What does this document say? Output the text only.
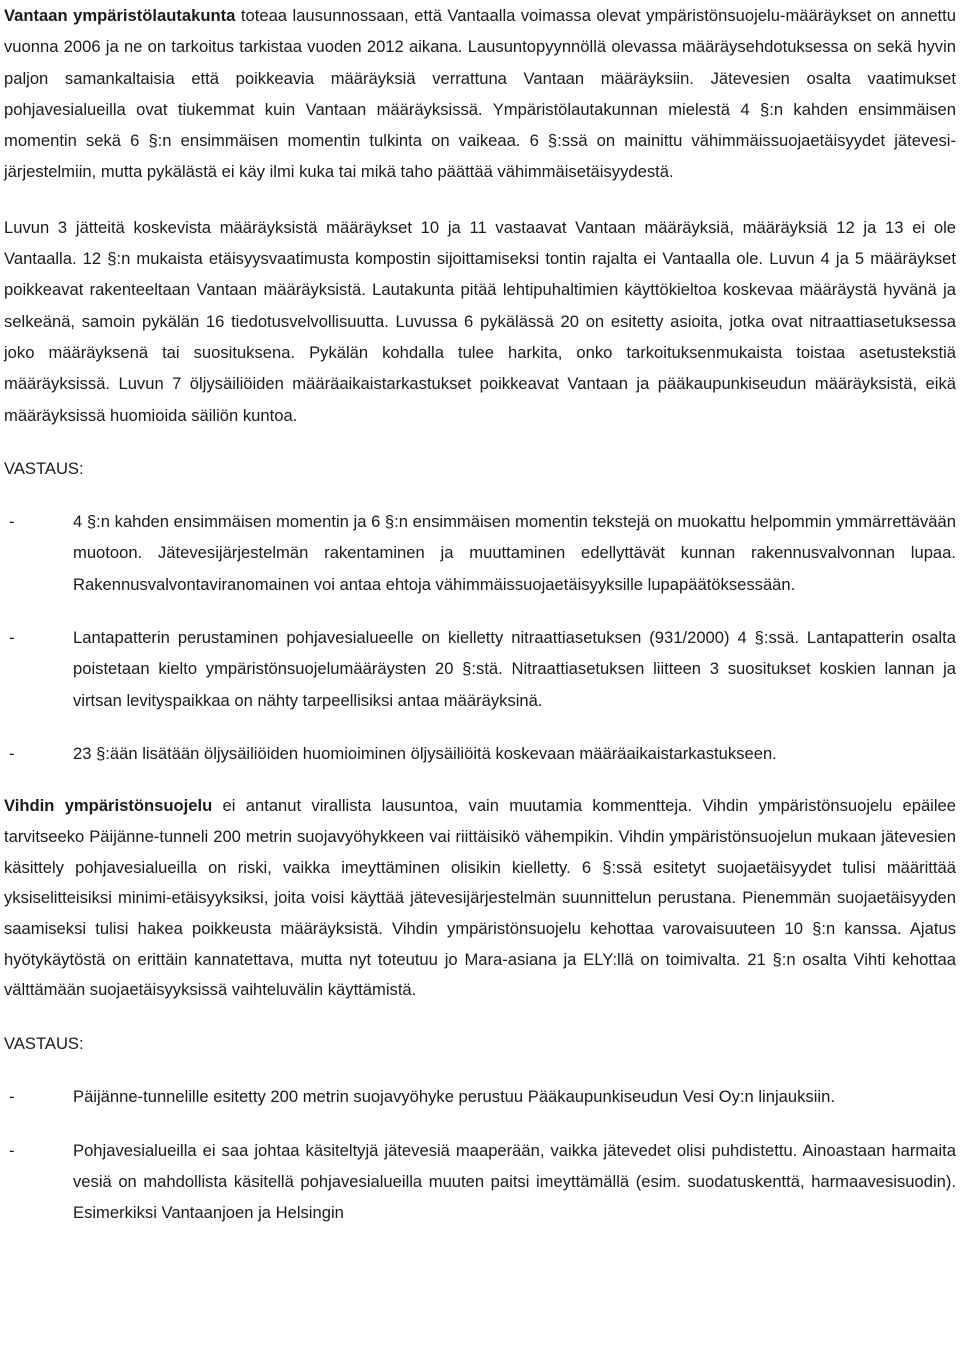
Vantaan ympäristölautakunta toteaa lausunnossaan, että Vantaalla voimassa olevat ympäristönsuojelu-määräykset on annettu vuonna 2006 ja ne on tarkoitus tarkistaa vuoden 2012 aikana. Lausuntopyynnöllä olevassa määräysehdotuksessa on sekä hyvin paljon samankaltaisia että poikkeavia määräyksiä verrattuna Vantaan määräyksiin. Jätevesien osalta vaatimukset pohjavesialueilla ovat tiukemmat kuin Vantaan määräyksissä. Ympäristölautakunnan mielestä 4 §:n kahden ensimmäisen momentin sekä 6 §:n ensimmäisen momentin tulkinta on vaikeaa. 6 §:ssä on mainittu vähimmäissuojaetäisyydet jätevesi-järjestelmiin, mutta pykälästä ei käy ilmi kuka tai mikä taho päättää vähimmäisetäisyydestä.

Luvun 3 jätteitä koskevista määräyksistä määräykset 10 ja 11 vastaavat Vantaan määräyksiä, määräyksiä 12 ja 13 ei ole Vantaalla. 12 §:n mukaista etäisyysvaatimusta kompostin sijoittamiseksi tontin rajalta ei Vantaalla ole. Luvun 4 ja 5 määräykset poikkeavat rakenteeltaan Vantaan määräyksistä. Lautakunta pitää lehtipuhaltimien käyttökieltoa koskevaa määräystä hyvänä ja selkeänä, samoin pykälän 16 tiedotusvelvollisuutta. Luvussa 6 pykälässä 20 on esitetty asioita, jotka ovat nitraattiasetuksessa joko määräyksenä tai suosituksena. Pykälän kohdalla tulee harkita, onko tarkoituksenmukaista toistaa asetustekstiä määräyksissä. Luvun 7 öljysäiliöiden määräaikaistarkastukset poikkeavat Vantaan ja pääkaupunkiseudun määräyksistä, eikä määräyksissä huomioida säiliön kuntoa.

VASTAUS:

-	4 §:n kahden ensimmäisen momentin ja 6 §:n ensimmäisen momentin tekstejä on muokattu helpommin ymmärrettävään muotoon. Jätevesijärjestelmän rakentaminen ja muuttaminen edellyttävät kunnan rakennusvalvonnan lupaa. Rakennusvalvontaviranomainen voi antaa ehtoja vähimmäissuojaetäisyyksille lupapäätöksessään.
-	Lantapatterin perustaminen pohjavesialueelle on kielletty nitraattiasetuksen (931/2000) 4 §:ssä. Lantapatterin osalta poistetaan kielto ympäristönsuojelumääräysten 20 §:stä. Nitraattiasetuksen liitteen 3 suositukset koskien lannan ja virtsan levityspaikkaa on nähty tarpeellisiksi antaa määräyksinä.
-	23 §:ään lisätään öljysäiliöiden huomioiminen öljysäiliöitä koskevaan määräaikaistarkastukseen.

Vihdin ympäristönsuojelu ei antanut virallista lausuntoa, vain muutamia kommentteja. Vihdin ympäristönsuojelu epäilee tarvitseeko Päijänne-tunneli 200 metrin suojavyöhykkeen vai riittäisikö vähempikin. Vihdin ympäristönsuojelun mukaan jätevesien käsittely pohjavesialueilla on riski, vaikka imeyttäminen olisikin kielletty. 6 §:ssä esitetyt suojaetäisyydet tulisi määrittää yksiselitteisiksi minimi-etäisyyksiksi, joita voisi käyttää jätevesijärjestelmän suunnittelun perustana. Pienemmän suojaetäisyyden saamiseksi tulisi hakea poikkeusta määräyksistä. Vihdin ympäristönsuojelu kehottaa varovaisuuteen 10 §:n kanssa. Ajatus hyötykäytöstä on erittäin kannatettava, mutta nyt toteutuu jo Mara-asiana ja ELY:llä on toimivalta. 21 §:n osalta Vihti kehottaa välttämään suojaetäisyyksissä vaihteluvälin käyttämistä.

VASTAUS:

-	Päijänne-tunnelille esitetty 200 metrin suojavyöhyke perustuu Pääkaupunkiseudun Vesi Oy:n linjauksiin.
-	Pohjavesialueilla ei saa johtaa käsiteltyjä jätevesiä maaperään, vaikka jätevedet olisi puhdistettu. Ainoastaan harmaita vesiä on mahdollista käsitellä pohjavesialueilla muuten paitsi imeyttämällä (esim. suodatuskenttä, harmaavesisuodin). Esimerkiksi Vantaanjoen ja Helsingin
